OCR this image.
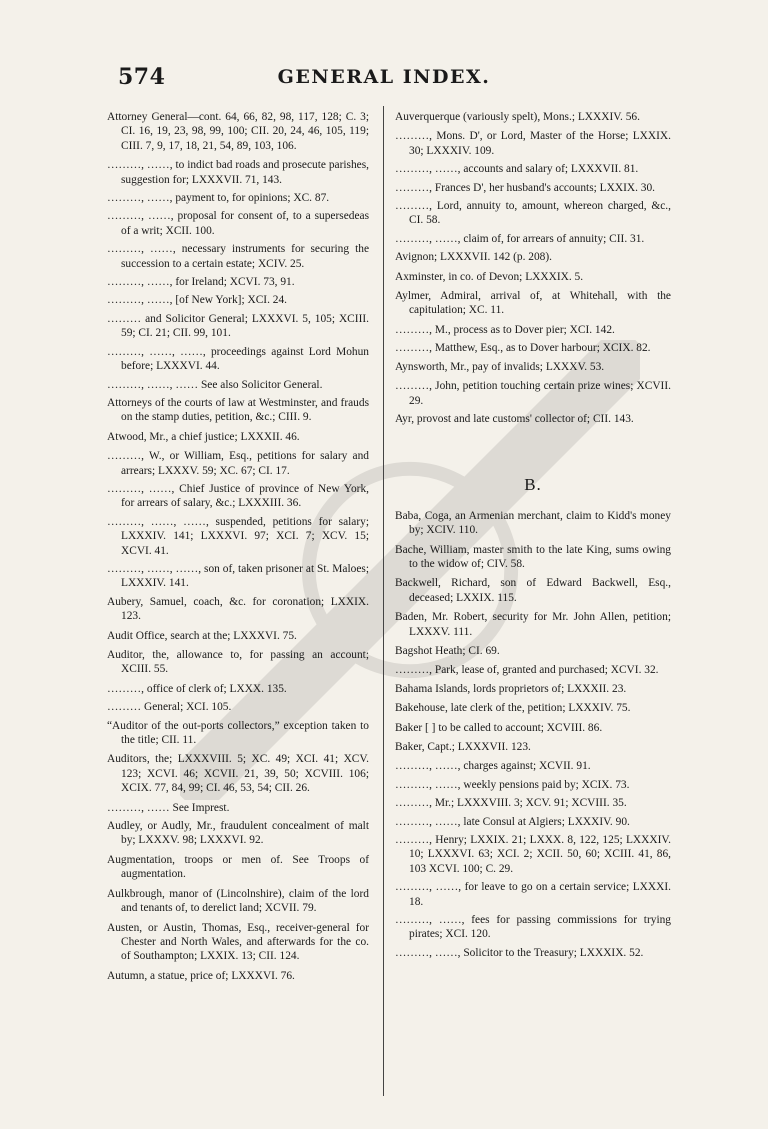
574	GENERAL INDEX.

Attorney General—cont. 64, 66, 82, 98, 117, 128; C. 3; CI. 16, 19, 23, 98, 99, 100; CII. 20, 24, 46, 105, 119; CIII. 7, 9, 17, 18, 21, 54, 89, 103, 106.

………, ……, to indict bad roads and prosecute parishes, suggestion for; LXXXVII. 71, 143.

………, ……, payment to, for opinions; XC. 87.

………, ……, proposal for consent of, to a supersedeas of a writ; XCII. 100.

………, ……, necessary instruments for securing the succession to a certain estate; XCIV. 25.

………, ……, for Ireland; XCVI. 73, 91.

………, ……, [of New York]; XCI. 24.

……… and Solicitor General; LXXXVI. 5, 105; XCIII. 59; CI. 21; CII. 99, 101.

………, ……, ……, proceedings against Lord Mohun before; LXXXVI. 44.

………, ……, …… See also Solicitor General.

Attorneys of the courts of law at Westminster, and frauds on the stamp duties, petition, &c.; CIII. 9.

Atwood, Mr., a chief justice; LXXXII. 46.

………, W., or William, Esq., petitions for salary and arrears; LXXXV. 59; XC. 67; CI. 17.

………, ……, Chief Justice of province of New York, for arrears of salary, &c.; LXXXIII. 36.

………, ……, ……, suspended, petitions for salary; LXXXIV. 141; LXXXVI. 97; XCI. 7; XCV. 15; XCVI. 41.

………, ……, ……, son of, taken prisoner at St. Maloes; LXXXIV. 141.

Aubery, Samuel, coach, &c. for coronation; LXXIX. 123.

Audit Office, search at the; LXXXVI. 75.

Auditor, the, allowance to, for passing an account; XCIII. 55.

………, office of clerk of; LXXX. 135.

……… General; XCI. 105.

“Auditor of the out-ports collectors,” exception taken to the title; CII. 11.

Auditors, the; LXXXVIII. 5; XC. 49; XCI. 41; XCV. 123; XCVI. 46; XCVII. 21, 39, 50; XCVIII. 106; XCIX. 77, 84, 99; CI. 46, 53, 54; CII. 26.

………, …… See Imprest.

Audley, or Audly, Mr., fraudulent concealment of malt by; LXXXV. 98; LXXXVI. 92.

Augmentation, troops or men of. See Troops of augmentation.

Aulkbrough, manor of (Lincolnshire), claim of the lord and tenants of, to derelict land; XCVII. 79.

Austen, or Austin, Thomas, Esq., receiver-general for Chester and North Wales, and afterwards for the co. of Southampton; LXXIX. 13; CII. 124.

Autumn, a statue, price of; LXXXVI. 76.

Auverquerque (variously spelt), Mons.; LXXXIV. 56.

………, Mons. D', or Lord, Master of the Horse; LXXIX. 30; LXXXIV. 109.

………, ……, accounts and salary of; LXXXVII. 81.

………, Frances D', her husband's accounts; LXXIX. 30.

………, Lord, annuity to, amount, whereon charged, &c., CI. 58.

………, ……, claim of, for arrears of annuity; CII. 31.

Avignon; LXXXVII. 142 (p. 208).

Axminster, in co. of Devon; LXXXIX. 5.

Aylmer, Admiral, arrival of, at Whitehall, with the capitulation; XC. 11.

………, M., process as to Dover pier; XCI. 142.

………, Matthew, Esq., as to Dover harbour; XCIX. 82.

Aynsworth, Mr., pay of invalids; LXXXV. 53.

………, John, petition touching certain prize wines; XCVII. 29.

Ayr, provost and late customs' collector of; CII. 143.

B.

Baba, Coga, an Armenian merchant, claim to Kidd's money by; XCIV. 110.

Bache, William, master smith to the late King, sums owing to the widow of; CIV. 58.

Backwell, Richard, son of Edward Backwell, Esq., deceased; LXXIX. 115.

Baden, Mr. Robert, security for Mr. John Allen, petition; LXXXV. 111.

Bagshot Heath; CI. 69.

………, Park, lease of, granted and purchased; XCVI. 32.

Bahama Islands, lords proprietors of; LXXXII. 23.

Bakehouse, late clerk of the, petition; LXXXIV. 75.

Baker [ ] to be called to account; XCVIII. 86.

Baker, Capt.; LXXXVII. 123.

………, ……, charges against; XCVII. 91.

………, ……, weekly pensions paid by; XCIX. 73.

………, Mr.; LXXXVIII. 3; XCV. 91; XCVIII. 35.

………, ……, late Consul at Algiers; LXXXIV. 90.

………, Henry; LXXIX. 21; LXXX. 8, 122, 125; LXXXIV. 10; LXXXVI. 63; XCI. 2; XCII. 50, 60; XCIII. 41, 86, 103 XCVI. 100; C. 29.

………, ……, for leave to go on a certain service; LXXXI. 18.

………, ……, fees for passing commissions for trying pirates; XCI. 120.

………, ……, Solicitor to the Treasury; LXXXIX. 52.
